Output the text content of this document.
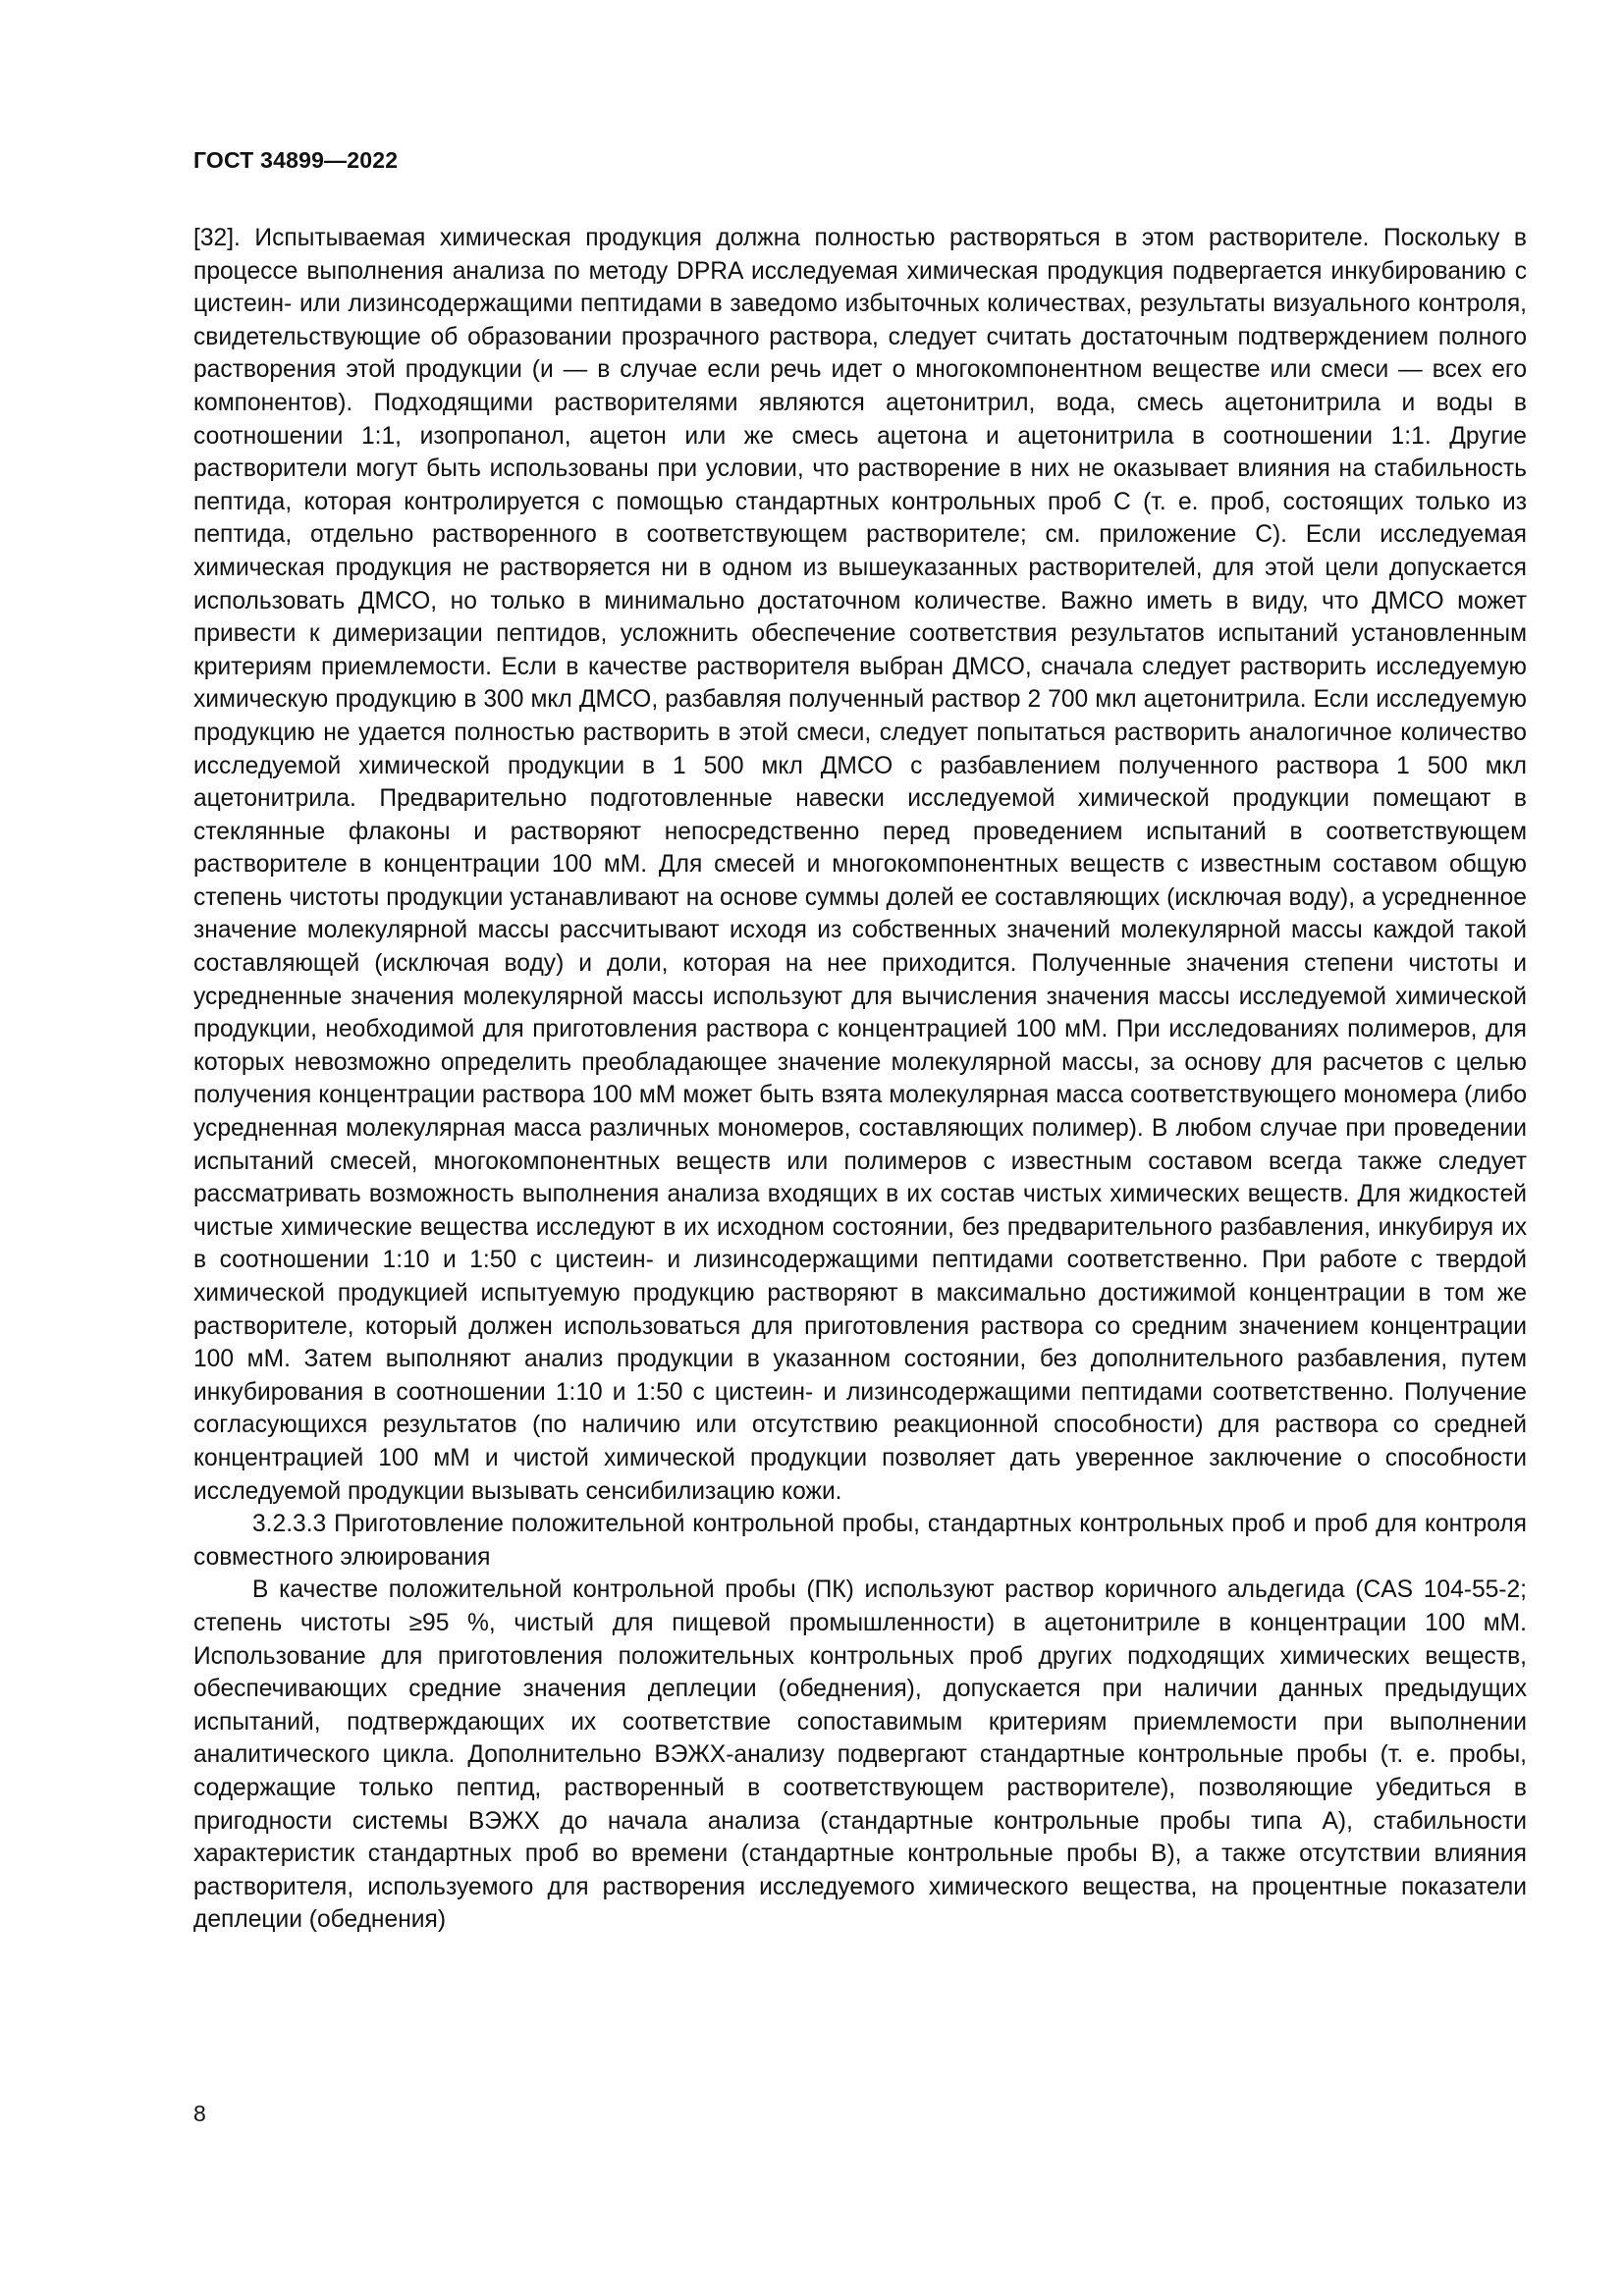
ГОСТ 34899—2022

[32]. Испытываемая химическая продукция должна полностью растворяться в этом растворителе. Поскольку в процессе выполнения анализа по методу DPRA исследуемая химическая продукция подвергается инкубированию с цистеин- или лизинсодержащими пептидами в заведомо избыточных количествах, результаты визуального контроля, свидетельствующие об образовании прозрачного раствора, следует считать достаточным подтверждением полного растворения этой продукции (и — в случае если речь идет о многокомпонентном веществе или смеси — всех его компонентов). Подходящими растворителями являются ацетонитрил, вода, смесь ацетонитрила и воды в соотношении 1:1, изопропанол, ацетон или же смесь ацетона и ацетонитрила в соотношении 1:1. Другие растворители могут быть использованы при условии, что растворение в них не оказывает влияния на стабильность пептида, которая контролируется с помощью стандартных контрольных проб С (т. е. проб, состоящих только из пептида, отдельно растворенного в соответствующем растворителе; см. приложение С). Если исследуемая химическая продукция не растворяется ни в одном из вышеуказанных растворителей, для этой цели допускается использовать ДМСО, но только в минимально достаточном количестве. Важно иметь в виду, что ДМСО может привести к димеризации пептидов, усложнить обеспечение соответствия результатов испытаний установленным критериям приемлемости. Если в качестве растворителя выбран ДМСО, сначала следует растворить исследуемую химическую продукцию в 300 мкл ДМСО, разбавляя полученный раствор 2 700 мкл ацетонитрила. Если исследуемую продукцию не удается полностью растворить в этой смеси, следует попытаться растворить аналогичное количество исследуемой химической продукции в 1 500 мкл ДМСО с разбавлением полученного раствора 1 500 мкл ацетонитрила. Предварительно подготовленные навески исследуемой химической продукции помещают в стеклянные флаконы и растворяют непосредственно перед проведением испытаний в соответствующем растворителе в концентрации 100 мМ. Для смесей и многокомпонентных веществ с известным составом общую степень чистоты продукции устанавливают на основе суммы долей ее составляющих (исключая воду), а усредненное значение молекулярной массы рассчитывают исходя из собственных значений молекулярной массы каждой такой составляющей (исключая воду) и доли, которая на нее приходится. Полученные значения степени чистоты и усредненные значения молекулярной массы используют для вычисления значения массы исследуемой химической продукции, необходимой для приготовления раствора с концентрацией 100 мМ. При исследованиях полимеров, для которых невозможно определить преобладающее значение молекулярной массы, за основу для расчетов с целью получения концентрации раствора 100 мМ может быть взята молекулярная масса соответствующего мономера (либо усредненная молекулярная масса различных мономеров, составляющих полимер). В любом случае при проведении испытаний смесей, многокомпонентных веществ или полимеров с известным составом всегда также следует рассматривать возможность выполнения анализа входящих в их состав чистых химических веществ. Для жидкостей чистые химические вещества исследуют в их исходном состоянии, без предварительного разбавления, инкубируя их в соотношении 1:10 и 1:50 с цистеин- и лизинсодержащими пептидами соответственно. При работе с твердой химической продукцией испытуемую продукцию растворяют в максимально достижимой концентрации в том же растворителе, который должен использоваться для приготовления раствора со средним значением концентрации 100 мМ. Затем выполняют анализ продукции в указанном состоянии, без дополнительного разбавления, путем инкубирования в соотношении 1:10 и 1:50 с цистеин- и лизинсодержащими пептидами соответственно. Получение согласующихся результатов (по наличию или отсутствию реакционной способности) для раствора со средней концентрацией 100 мМ и чистой химической продукции позволяет дать уверенное заключение о способности исследуемой продукции вызывать сенсибилизацию кожи.

3.2.3.3 Приготовление положительной контрольной пробы, стандартных контрольных проб и проб для контроля совместного элюирования

В качестве положительной контрольной пробы (ПК) используют раствор коричного альдегида (CAS 104-55-2; степень чистоты ≥95 %, чистый для пищевой промышленности) в ацетонитриле в концентрации 100 мМ. Использование для приготовления положительных контрольных проб других подходящих химических веществ, обеспечивающих средние значения деплеции (обеднения), допускается при наличии данных предыдущих испытаний, подтверждающих их соответствие сопоставимым критериям приемлемости при выполнении аналитического цикла. Дополнительно ВЭЖХ-анализу подвергают стандартные контрольные пробы (т. е. пробы, содержащие только пептид, растворенный в соответствующем растворителе), позволяющие убедиться в пригодности системы ВЭЖХ до начала анализа (стандартные контрольные пробы типа А), стабильности характеристик стандартных проб во времени (стандартные контрольные пробы В), а также отсутствии влияния растворителя, используемого для растворения исследуемого химического вещества, на процентные показатели деплеции (обеднения)

8
